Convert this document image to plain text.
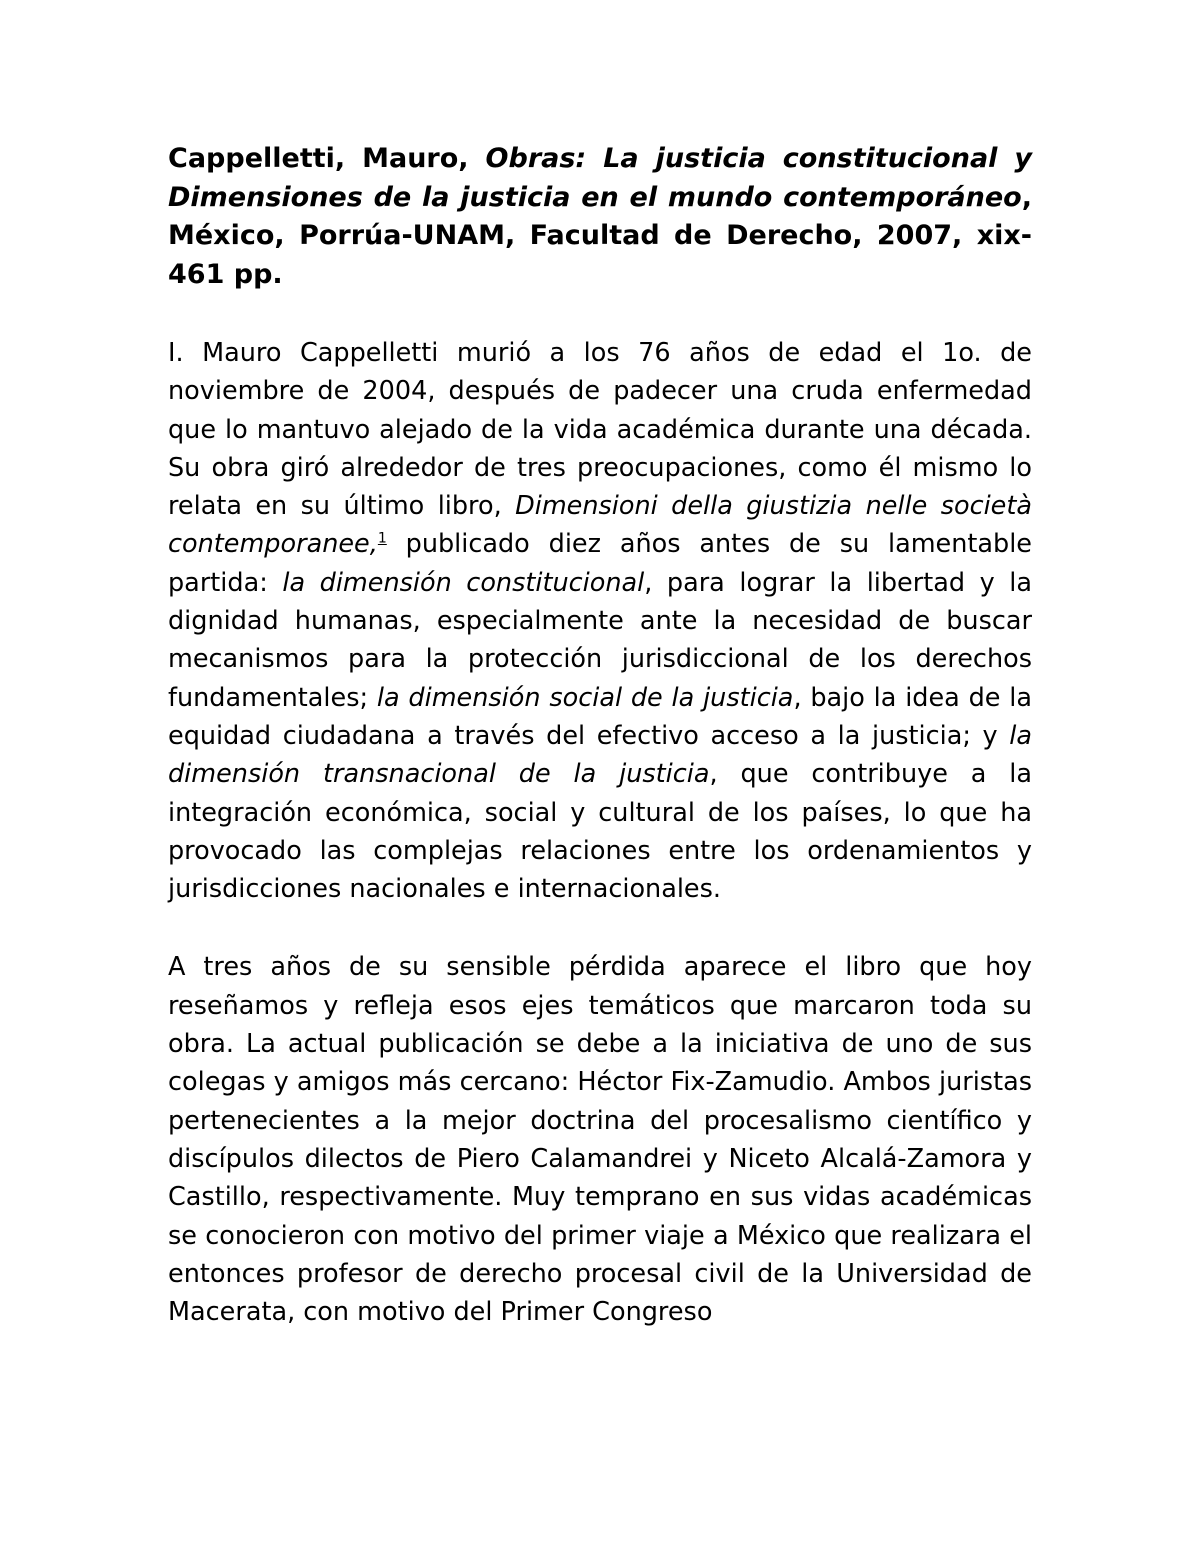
Cappelletti, Mauro, Obras: La justicia constitucional y Dimensiones de la justicia en el mundo contemporáneo, México, Porrúa-UNAM, Facultad de Derecho, 2007, xix-461 pp.

I. Mauro Cappelletti murió a los 76 años de edad el 1o. de noviembre de 2004, después de padecer una cruda enfermedad que lo mantuvo alejado de la vida académica durante una década. Su obra giró alrededor de tres preocupaciones, como él mismo lo relata en su último libro, Dimensioni della giustizia nelle società contemporanee,$^1$ publicado diez años antes de su lamentable partida: la dimensión constitucional, para lograr la libertad y la dignidad humanas, especialmente ante la necesidad de buscar mecanismos para la protección jurisdiccional de los derechos fundamentales; la dimensión social de la justicia, bajo la idea de la equidad ciudadana a través del efectivo acceso a la justicia; y la dimensión transnacional de la justicia, que contribuye a la integración económica, social y cultural de los países, lo que ha provocado las complejas relaciones entre los ordenamientos y jurisdicciones nacionales e internacionales.

A tres años de su sensible pérdida aparece el libro que hoy reseñamos y refleja esos ejes temáticos que marcaron toda su obra. La actual publicación se debe a la iniciativa de uno de sus colegas y amigos más cercano: Héctor Fix-Zamudio. Ambos juristas pertenecientes a la mejor doctrina del procesalismo científico y discípulos dilectos de Piero Calamandrei y Niceto Alcalá-Zamora y Castillo, respectivamente. Muy temprano en sus vidas académicas se conocieron con motivo del primer viaje a México que realizara el entonces profesor de derecho procesal civil de la Universidad de Macerata, con motivo del Primer Congreso
